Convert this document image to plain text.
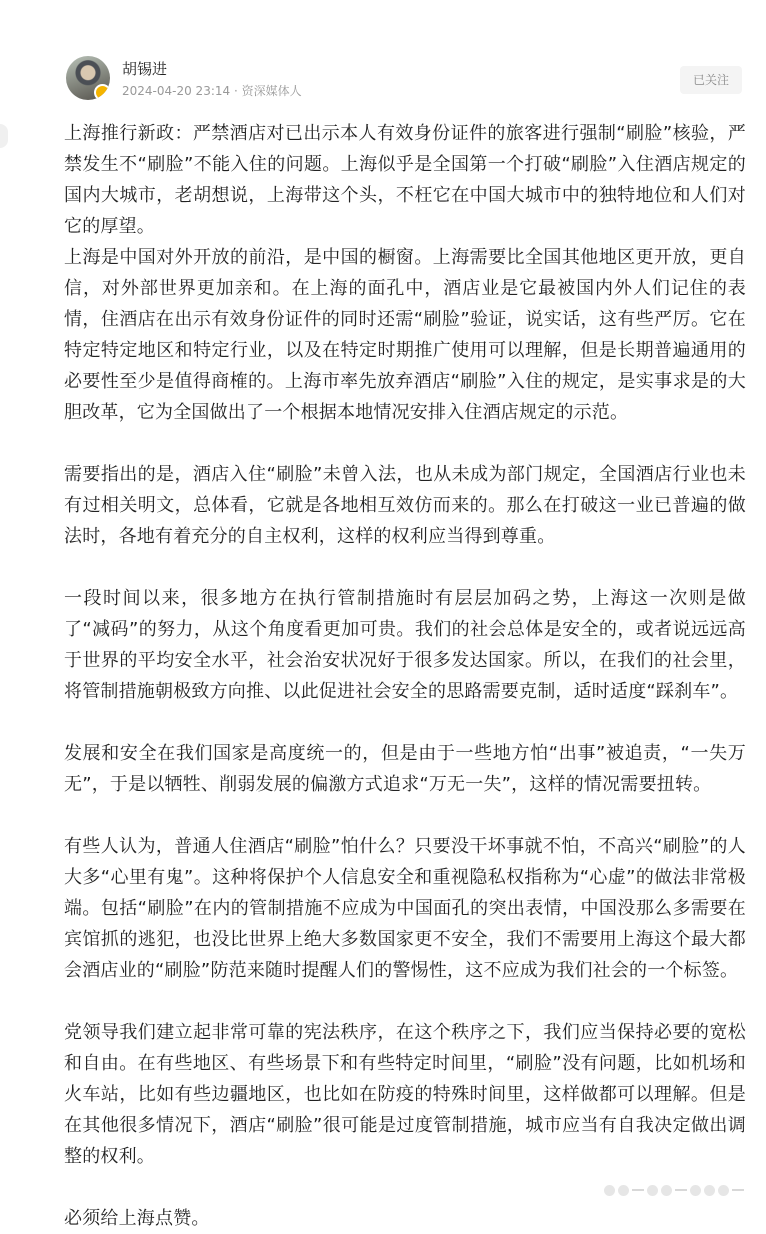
胡锡进
2024-04-20 23:14 · 资深媒体人
已关注

上海推行新政：严禁酒店对已出示本人有效身份证件的旅客进行强制“刷脸”核验，严禁发生不“刷脸”不能入住的问题。上海似乎是全国第一个打破“刷脸”入住酒店规定的国内大城市，老胡想说，上海带这个头，不枉它在中国大城市中的独特地位和人们对它的厚望。

上海是中国对外开放的前沿，是中国的橱窗。上海需要比全国其他地区更开放，更自信，对外部世界更加亲和。在上海的面孔中，酒店业是它最被国内外人们记住的表情，住酒店在出示有效身份证件的同时还需“刷脸”验证，说实话，这有些严厉。它在特定特定地区和特定行业，以及在特定时期推广使用可以理解，但是长期普遍通用的必要性至少是值得商榷的。上海市率先放弃酒店“刷脸”入住的规定，是实事求是的大胆改革，它为全国做出了一个根据本地情况安排入住酒店规定的示范。

需要指出的是，酒店入住“刷脸”未曾入法，也从未成为部门规定，全国酒店行业也未有过相关明文，总体看，它就是各地相互效仿而来的。那么在打破这一业已普遍的做法时，各地有着充分的自主权利，这样的权利应当得到尊重。

一段时间以来，很多地方在执行管制措施时有层层加码之势，上海这一次则是做了“减码”的努力，从这个角度看更加可贵。我们的社会总体是安全的，或者说远远高于世界的平均安全水平，社会治安状况好于很多发达国家。所以，在我们的社会里，将管制措施朝极致方向推、以此促进社会安全的思路需要克制，适时适度“踩刹车”。

发展和安全在我们国家是高度统一的，但是由于一些地方怕“出事”被追责，“一失万无”，于是以牺牲、削弱发展的偏激方式追求“万无一失”，这样的情况需要扭转。

有些人认为，普通人住酒店“刷脸”怕什么？只要没干坏事就不怕，不高兴“刷脸”的人大多“心里有鬼”。这种将保护个人信息安全和重视隐私权指称为“心虚”的做法非常极端。包括“刷脸”在内的管制措施不应成为中国面孔的突出表情，中国没那么多需要在宾馆抓的逃犯，也没比世界上绝大多数国家更不安全，我们不需要用上海这个最大都会酒店业的“刷脸”防范来随时提醒人们的警惕性，这不应成为我们社会的一个标签。

党领导我们建立起非常可靠的宪法秩序，在这个秩序之下，我们应当保持必要的宽松和自由。在有些地区、有些场景下和有些特定时间里，“刷脸”没有问题，比如机场和火车站，比如有些边疆地区，也比如在防疫的特殊时间里，这样做都可以理解。但是在其他很多情况下，酒店“刷脸”很可能是过度管制措施，城市应当有自我决定做出调整的权利。

必须给上海点赞。
